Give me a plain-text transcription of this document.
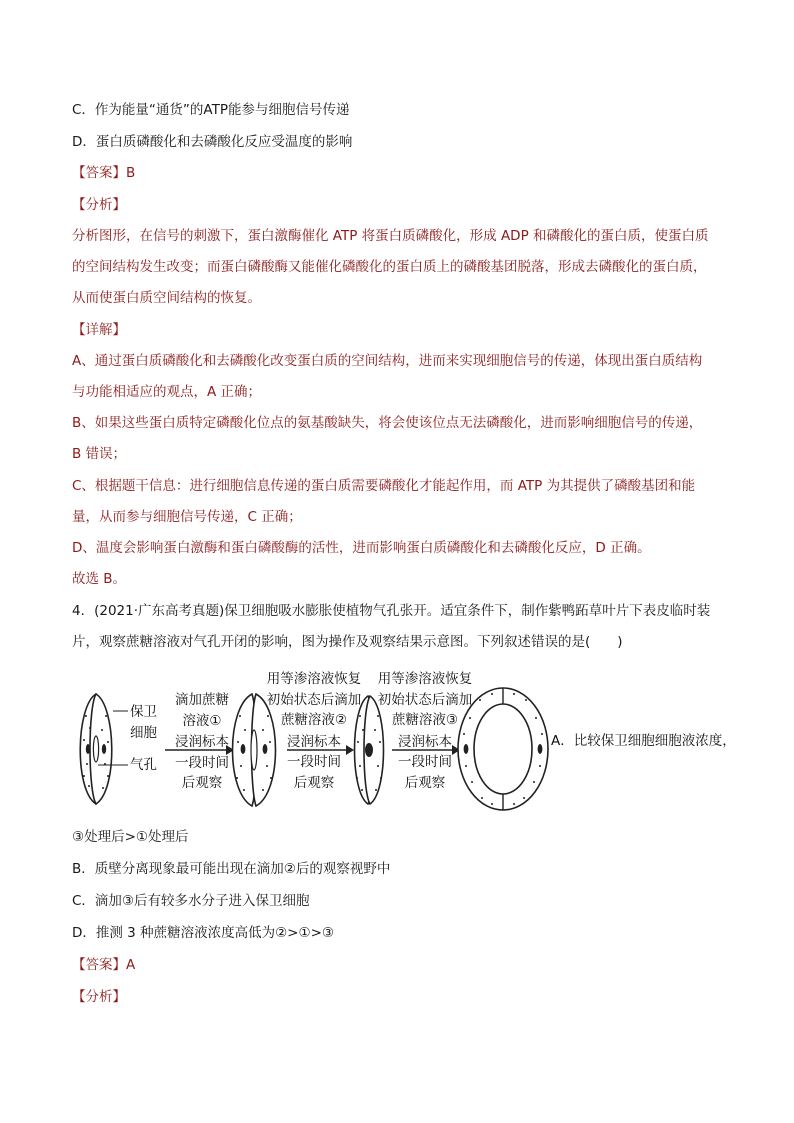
C．作为能量“通货”的ATP能参与细胞信号传递
D．蛋白质磷酸化和去磷酸化反应受温度的影响
【答案】B
【分析】
分析图形，在信号的刺激下，蛋白激酶催化 ATP 将蛋白质磷酸化，形成 ADP 和磷酸化的蛋白质，使蛋白质
的空间结构发生改变；而蛋白磷酸酶又能催化磷酸化的蛋白质上的磷酸基团脱落，形成去磷酸化的蛋白质，
从而使蛋白质空间结构的恢复。
【详解】
A、通过蛋白质磷酸化和去磷酸化改变蛋白质的空间结构，进而来实现细胞信号的传递，体现出蛋白质结构
与功能相适应的观点，A 正确；
B、如果这些蛋白质特定磷酸化位点的氨基酸缺失，将会使该位点无法磷酸化，进而影响细胞信号的传递，
B 错误；
C、根据题干信息：进行细胞信息传递的蛋白质需要磷酸化才能起作用，而 ATP 为其提供了磷酸基团和能
量，从而参与细胞信号传递，C 正确；
D、温度会影响蛋白激酶和蛋白磷酸酶的活性，进而影响蛋白质磷酸化和去磷酸化反应，D 正确。
故选 B。
4．(2021·广东高考真题)保卫细胞吸水膨胀使植物气孔张开。适宜条件下，制作紫鸭跖草叶片下表皮临时装
片，观察蔗糖溶液对气孔开闭的影响，图为操作及观察结果示意图。下列叙述错误的是(　　)
保卫
细胞
气孔
滴加蔗糖
溶液①
浸润标本
一段时间
后观察
用等渗溶液恢复
初始状态后滴加
蔗糖溶液②
浸润标本
一段时间
后观察
用等渗溶液恢复
初始状态后滴加
蔗糖溶液③
浸润标本
一段时间
后观察
A．比较保卫细胞细胞液浓度，
③处理后>①处理后
B．质壁分离现象最可能出现在滴加②后的观察视野中
C．滴加③后有较多水分子进入保卫细胞
D．推测 3 种蔗糖溶液浓度高低为②>①>③
【答案】A
【分析】
